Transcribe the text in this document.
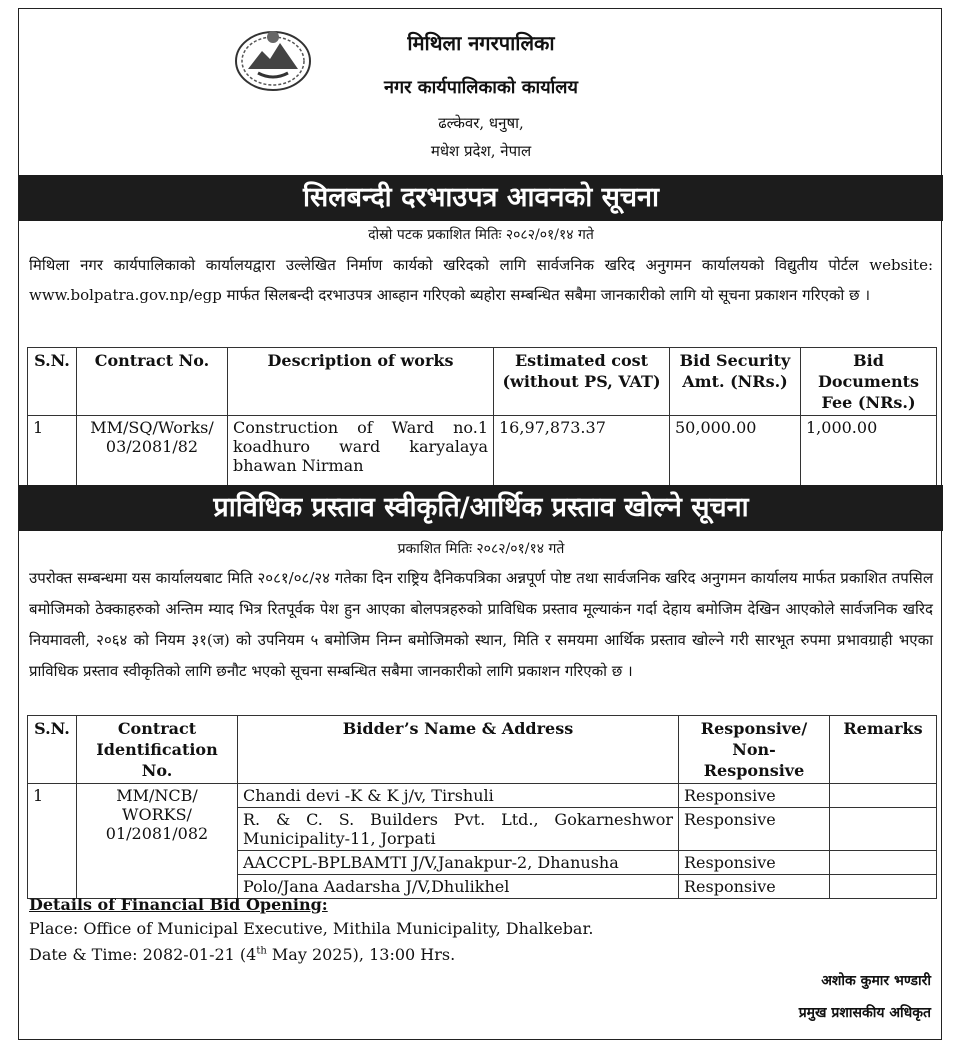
मिथिला नगरपालिका
नगर कार्यपालिकाको कार्यालय
ढल्केवर, धनुषा,
मधेश प्रदेश, नेपाल
सिलबन्दी दरभाउपत्र आवनको सूचना
दोस्रो पटक प्रकाशित मितिः २०८२/०१/१४ गते
मिथिला नगर कार्यपालिकाको कार्यालयद्वारा उल्लेखित निर्माण कार्यको खरिदको लागि सार्वजनिक खरिद अनुगमन कार्यालयको विद्युतीय पोर्टल website: www.bolpatra.gov.np/egp मार्फत सिलबन्दी दरभाउपत्र आब्हान गरिएको ब्यहोरा सम्बन्धित सबैमा जानकारीको लागि यो सूचना प्रकाशन गरिएको छ ।
S.N.	Contract No.	Description of works	Estimated cost (without PS, VAT)	Bid Security Amt. (NRs.)	Bid Documents Fee (NRs.)
1	MM/SQ/Works/ 03/2081/82	Construction of Ward no.1 koadhuro ward karyalaya bhawan Nirman	16,97,873.37	50,000.00	1,000.00
प्राविधिक प्रस्ताव स्वीकृति/आर्थिक प्रस्ताव खोल्ने सूचना
प्रकाशित मितिः २०८२/०१/१४ गते
उपरोक्त सम्बन्धमा यस कार्यालयबाट मिति २०८१/०८/२४ गतेका दिन राष्ट्रिय दैनिकपत्रिका अन्नपूर्ण पोष्ट तथा सार्वजनिक खरिद अनुगमन कार्यालय मार्फत प्रकाशित तपसिल बमोजिमको ठेक्काहरुको अन्तिम म्याद भित्र रितपूर्वक पेश हुन आएका बोलपत्रहरुको प्राविधिक प्रस्ताव मूल्याकंन गर्दा देहाय बमोजिम देखिन आएकोले सार्वजनिक खरिद नियमावली, २०६४ को नियम ३१(ज) को उपनियम ५ बमोजिम निम्न बमोजिमको स्थान, मिति र समयमा आर्थिक प्रस्ताव खोल्ने गरी सारभूत रुपमा प्रभावग्राही भएका प्राविधिक प्रस्ताव स्वीकृतिको लागि छनौट भएको सूचना सम्बन्धित सबैमा जानकारीको लागि प्रकाशन गरिएको छ ।
S.N.	Contract Identification No.	Bidder’s Name & Address	Responsive/ Non-Responsive	Remarks
1	MM/NCB/ WORKS/ 01/2081/082	Chandi devi -K & K j/v, Tirshuli	Responsive	
		R. & C. S. Builders Pvt. Ltd., Gokarneshwor Municipality-11, Jorpati	Responsive	
		AACCPL-BPLBAMTI J/V,Janakpur-2, Dhanusha	Responsive	
		Polo/Jana Aadarsha J/V,Dhulikhel	Responsive	
Details of Financial Bid Opening:
Place: Office of Municipal Executive, Mithila Municipality, Dhalkebar.
Date & Time: 2082-01-21 (4th May 2025), 13:00 Hrs.
अशोक कुमार भण्डारी
प्रमुख प्रशासकीय अधिकृत
